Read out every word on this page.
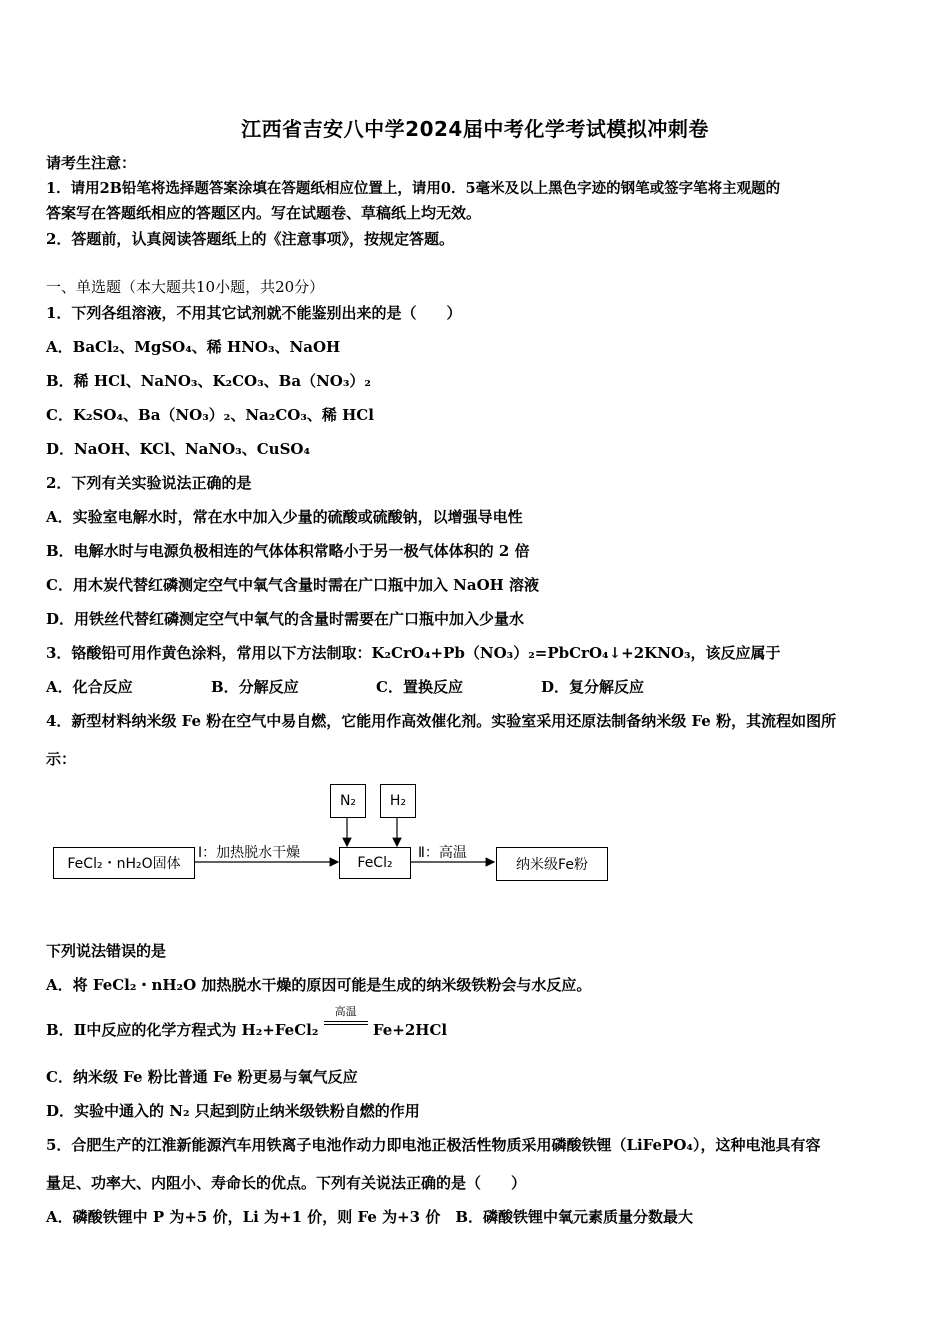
江西省吉安八中学2024届中考化学考试模拟冲刺卷
请考生注意：
1．请用2B铅笔将选择题答案涂填在答题纸相应位置上，请用0．5毫米及以上黑色字迹的钢笔或签字笔将主观题的
答案写在答题纸相应的答题区内。写在试题卷、草稿纸上均无效。
2．答题前，认真阅读答题纸上的《注意事项》，按规定答题。
一、单选题（本大题共10小题，共20分）
1．下列各组溶液，不用其它试剂就不能鉴别出来的是（　　）
A．BaCl₂、MgSO₄、稀 HNO₃、NaOH
B．稀 HCl、NaNO₃、K₂CO₃、Ba（NO₃）₂
C．K₂SO₄、Ba（NO₃）₂、Na₂CO₃、稀 HCl
D．NaOH、KCl、NaNO₃、CuSO₄
2．下列有关实验说法正确的是
A．实验室电解水时，常在水中加入少量的硫酸或硫酸钠，以增强导电性
B．电解水时与电源负极相连的气体体积常略小于另一极气体体积的 2 倍
C．用木炭代替红磷测定空气中氧气含量时需在广口瓶中加入 NaOH 溶液
D．用铁丝代替红磷测定空气中氧气的含量时需要在广口瓶中加入少量水
3．铬酸铅可用作黄色涂料，常用以下方法制取：K₂CrO₄+Pb（NO₃）₂=PbCrO₄↓+2KNO₃，该反应属于
A．化合反应	B．分解反应	C．置换反应	D．复分解反应
4．新型材料纳米级 Fe 粉在空气中易自燃，它能用作高效催化剂。实验室采用还原法制备纳米级 Fe 粉，其流程如图所
示：
FeCl₂・nH₂O固体
Ⅰ：加热脱水干燥
FeCl₂
N₂	H₂
Ⅱ：高温
纳米级Fe粉
下列说法错误的是
A．将 FeCl₂・nH₂O 加热脱水干燥的原因可能是生成的纳米级铁粉会与水反应。
B．Ⅱ中反应的化学方程式为 H₂+FeCl₂
高温
Fe+2HCl
C．纳米级 Fe 粉比普通 Fe 粉更易与氧气反应
D．实验中通入的 N₂ 只起到防止纳米级铁粉自燃的作用
5．合肥生产的江淮新能源汽车用铁离子电池作动力即电池正极活性物质采用磷酸铁锂（LiFePO₄），这种电池具有容
量足、功率大、内阻小、寿命长的优点。下列有关说法正确的是（　　）
A．磷酸铁锂中 P 为+5 价，Li 为+1 价，则 Fe 为+3 价　B．磷酸铁锂中氧元素质量分数最大
